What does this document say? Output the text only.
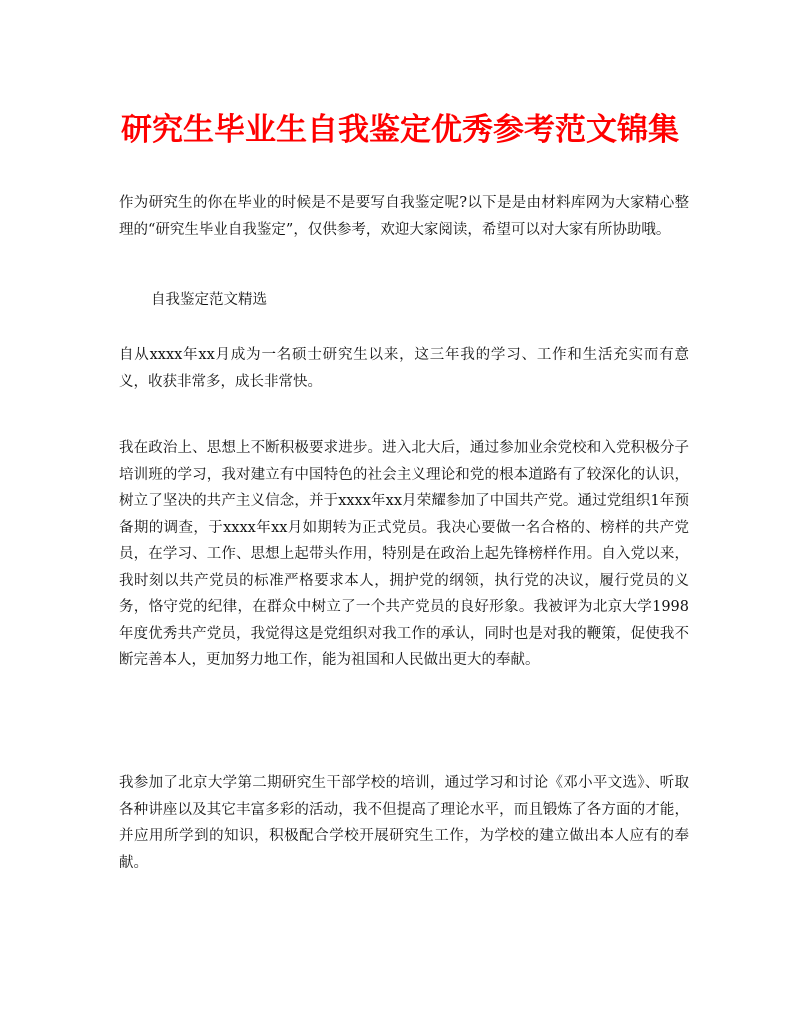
研究生毕业生自我鉴定优秀参考范文锦集

作为研究生的你在毕业的时候是不是要写自我鉴定呢?以下是是由材料库网为大家精心整理的“研究生毕业自我鉴定”，仅供参考，欢迎大家阅读，希望可以对大家有所协助哦。

自我鉴定范文精选

自从xxxx年xx月成为一名硕士研究生以来，这三年我的学习、工作和生活充实而有意义，收获非常多，成长非常快。

我在政治上、思想上不断积极要求进步。进入北大后，通过参加业余党校和入党积极分子培训班的学习，我对建立有中国特色的社会主义理论和党的根本道路有了较深化的认识，树立了坚决的共产主义信念，并于xxxx年xx月荣耀参加了中国共产党。通过党组织1年预备期的调查，于xxxx年xx月如期转为正式党员。我决心要做一名合格的、榜样的共产党员，在学习、工作、思想上起带头作用，特别是在政治上起先锋榜样作用。自入党以来，我时刻以共产党员的标准严格要求本人，拥护党的纲领，执行党的决议，履行党员的义务，恪守党的纪律，在群众中树立了一个共产党员的良好形象。我被评为北京大学1998年度优秀共产党员，我觉得这是党组织对我工作的承认，同时也是对我的鞭策，促使我不断完善本人，更加努力地工作，能为祖国和人民做出更大的奉献。

我参加了北京大学第二期研究生干部学校的培训，通过学习和讨论《邓小平文选》、听取各种讲座以及其它丰富多彩的活动，我不但提高了理论水平，而且锻炼了各方面的才能，并应用所学到的知识，积极配合学校开展研究生工作，为学校的建立做出本人应有的奉献。
